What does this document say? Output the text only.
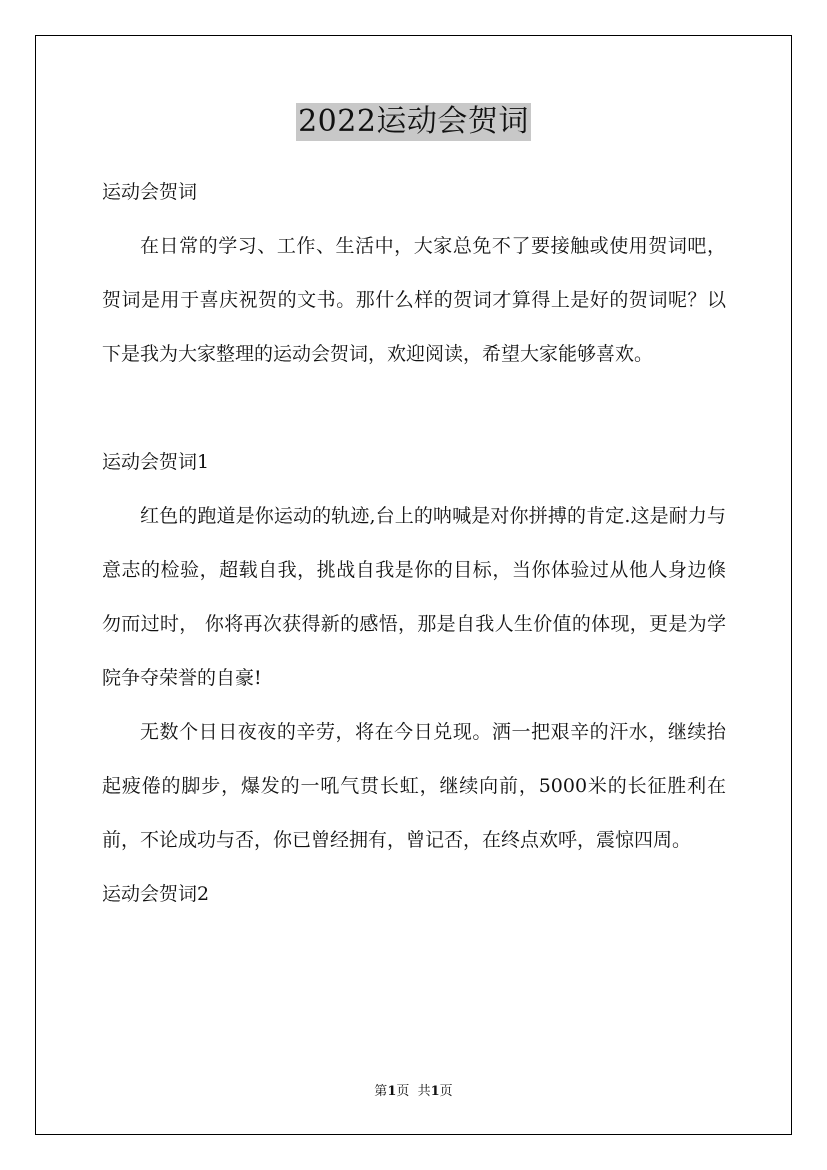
2022运动会贺词

运动会贺词

在日常的学习、工作、生活中，大家总免不了要接触或使用贺词吧，贺词是用于喜庆祝贺的文书。那什么样的贺词才算得上是好的贺词呢？以下是我为大家整理的运动会贺词，欢迎阅读，希望大家能够喜欢。

运动会贺词1

红色的跑道是你运动的轨迹,台上的呐喊是对你拼搏的肯定.这是耐力与意志的检验，超载自我，挑战自我是你的目标，当你体验过从他人身边倏勿而过时， 你将再次获得新的感悟，那是自我人生价值的体现，更是为学院争夺荣誉的自豪!

无数个日日夜夜的辛劳，将在今日兑现。洒一把艰辛的汗水，继续抬起疲倦的脚步，爆发的一吼气贯长虹，继续向前，5000米的长征胜利在前，不论成功与否，你已曾经拥有，曾记否，在终点欢呼，震惊四周。

运动会贺词2

第1页  共1页
